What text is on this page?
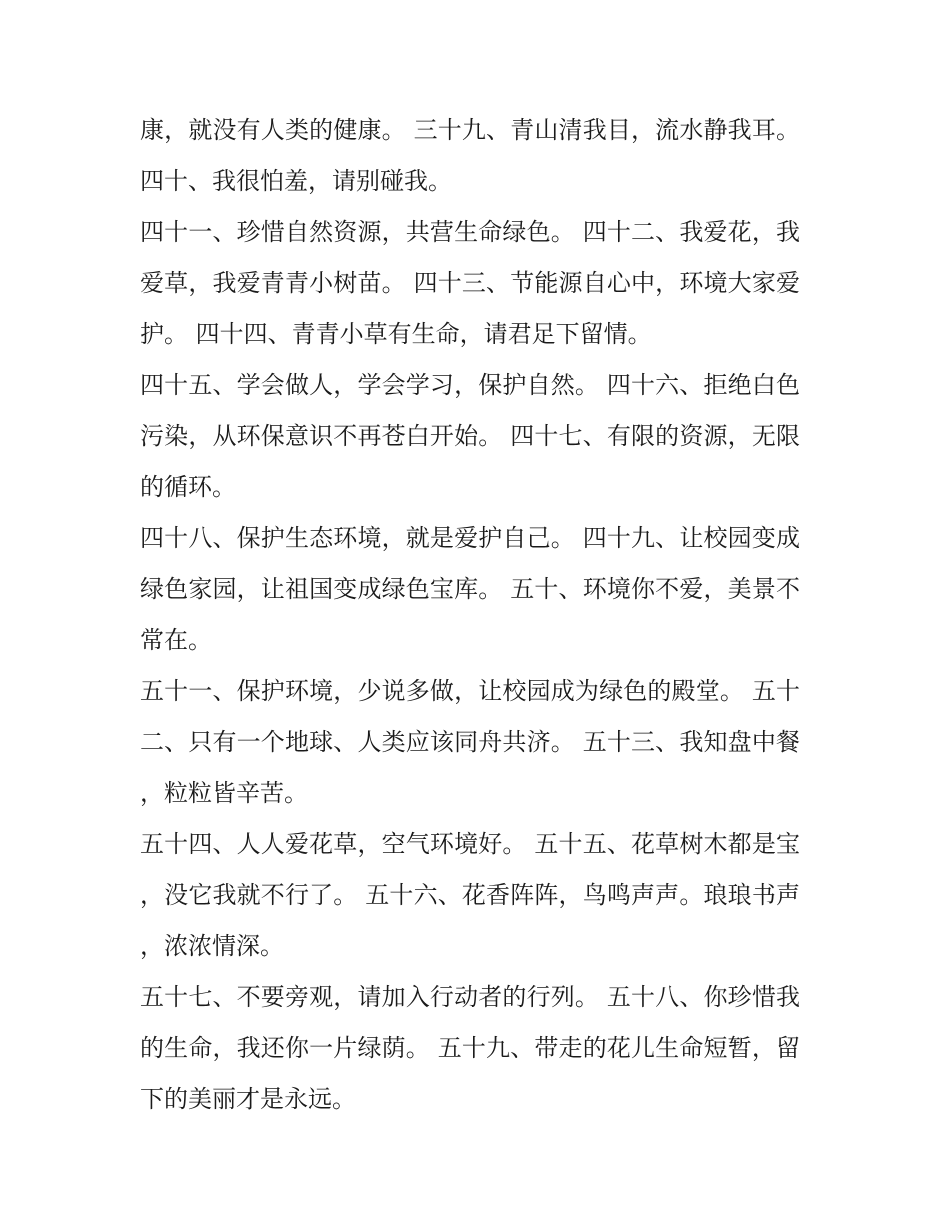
康，就没有人类的健康。 三十九、青山清我目，流水静我耳。 四十、我很怕羞，请别碰我。

四十一、珍惜自然资源，共营生命绿色。 四十二、我爱花，我爱草，我爱青青小树苗。 四十三、节能源自心中，环境大家爱护。 四十四、青青小草有生命，请君足下留情。

四十五、学会做人，学会学习，保护自然。 四十六、拒绝白色污染，从环保意识不再苍白开始。 四十七、有限的资源，无限的循环。

四十八、保护生态环境，就是爱护自己。 四十九、让校园变成绿色家园，让祖国变成绿色宝库。 五十、环境你不爱，美景不常在。

五十一、保护环境，少说多做，让校园成为绿色的殿堂。 五十二、只有一个地球、人类应该同舟共济。 五十三、我知盘中餐，粒粒皆辛苦。

五十四、人人爱花草，空气环境好。 五十五、花草树木都是宝，没它我就不行了。 五十六、花香阵阵，鸟鸣声声。琅琅书声，浓浓情深。

五十七、不要旁观，请加入行动者的行列。 五十八、你珍惜我的生命，我还你一片绿荫。 五十九、带走的花儿生命短暂，留下的美丽才是永远。
